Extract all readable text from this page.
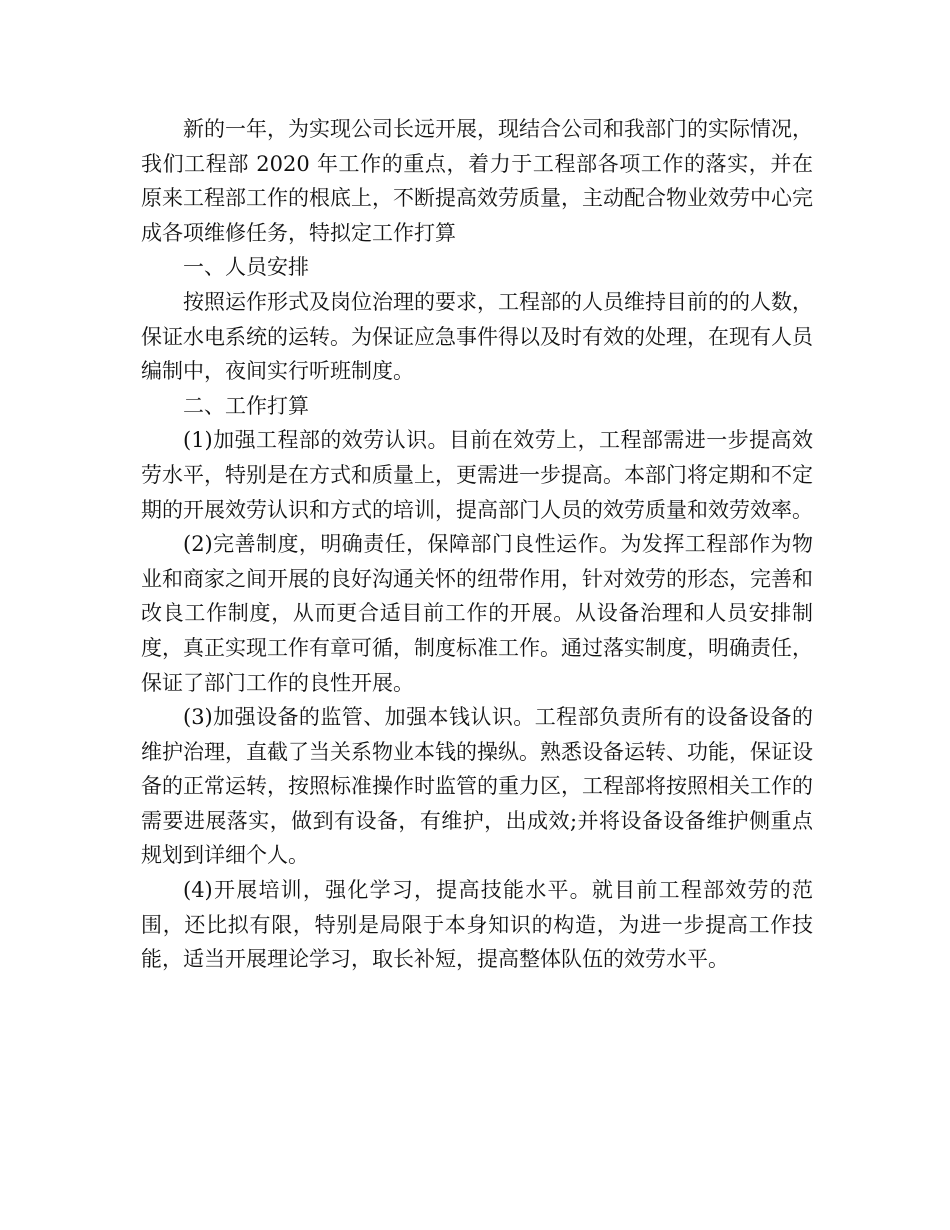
新的一年，为实现公司长远开展，现结合公司和我部门的实际情况，我们工程部 2020 年工作的重点，着力于工程部各项工作的落实，并在原来工程部工作的根底上，不断提高效劳质量，主动配合物业效劳中心完成各项维修任务，特拟定工作打算

一、人员安排

按照运作形式及岗位治理的要求，工程部的人员维持目前的的人数，保证水电系统的运转。为保证应急事件得以及时有效的处理，在现有人员编制中，夜间实行听班制度。

二、工作打算

(1)加强工程部的效劳认识。目前在效劳上，工程部需进一步提高效劳水平，特别是在方式和质量上，更需进一步提高。本部门将定期和不定期的开展效劳认识和方式的培训，提高部门人员的效劳质量和效劳效率。

(2)完善制度，明确责任，保障部门良性运作。为发挥工程部作为物业和商家之间开展的良好沟通关怀的纽带作用，针对效劳的形态，完善和改良工作制度，从而更合适目前工作的开展。从设备治理和人员安排制度，真正实现工作有章可循，制度标准工作。通过落实制度，明确责任，保证了部门工作的良性开展。

(3)加强设备的监管、加强本钱认识。工程部负责所有的设备设备的维护治理，直截了当关系物业本钱的操纵。熟悉设备运转、功能，保证设备的正常运转，按照标准操作时监管的重力区，工程部将按照相关工作的需要进展落实，做到有设备，有维护，出成效;并将设备设备维护侧重点规划到详细个人。

(4)开展培训，强化学习，提高技能水平。就目前工程部效劳的范围，还比拟有限，特别是局限于本身知识的构造，为进一步提高工作技能，适当开展理论学习，取长补短，提高整体队伍的效劳水平。
